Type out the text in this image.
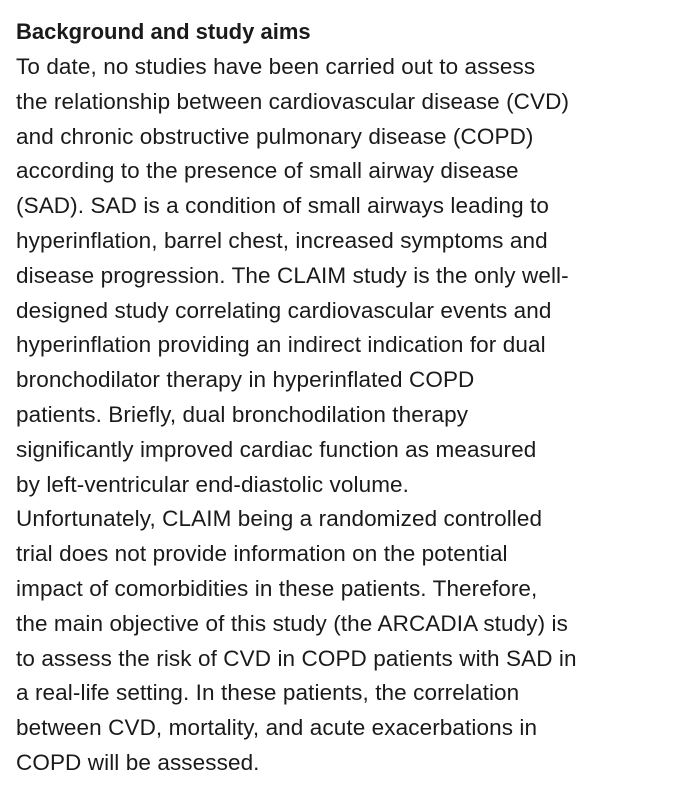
Background and study aims
To date, no studies have been carried out to assess
the relationship between cardiovascular disease (CVD)
and chronic obstructive pulmonary disease (COPD)
according to the presence of small airway disease
(SAD). SAD is a condition of small airways leading to
hyperinflation, barrel chest, increased symptoms and
disease progression. The CLAIM study is the only well-
designed study correlating cardiovascular events and
hyperinflation providing an indirect indication for dual
bronchodilator therapy in hyperinflated COPD
patients. Briefly, dual bronchodilation therapy
significantly improved cardiac function as measured
by left-ventricular end-diastolic volume.
Unfortunately, CLAIM being a randomized controlled
trial does not provide information on the potential
impact of comorbidities in these patients. Therefore,
the main objective of this study (the ARCADIA study) is
to assess the risk of CVD in COPD patients with SAD in
a real-life setting. In these patients, the correlation
between CVD, mortality, and acute exacerbations in
COPD will be assessed.
